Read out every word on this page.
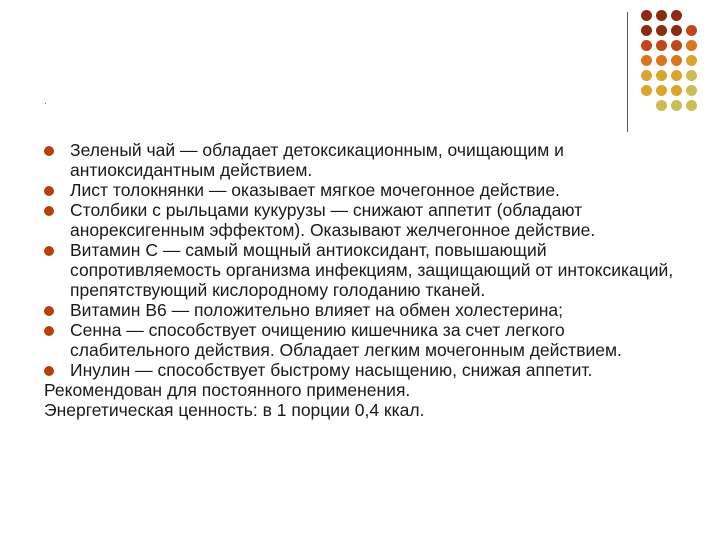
.
Зеленый чай — обладает детоксикационным, очищающим и антиоксидантным действием.
Лист толокнянки — оказывает мягкое мочегонное действие.
Столбики с рыльцами кукурузы — снижают аппетит (обладают анорексигенным эффектом). Оказывают желчегонное действие.
Витамин С — самый мощный антиоксидант, повышающий сопротивляемость организма инфекциям, защищающий от интоксикаций, препятствующий кислородному голоданию тканей.
Витамин В6 — положительно влияет на обмен холестерина;
Сенна — способствует очищению кишечника за счет легкого слабительного действия. Обладает легким мочегонным действием.
Инулин — способствует быстрому насыщению, снижая аппетит.

Рекомендован для постоянного применения.

Энергетическая ценность: в 1 порции 0,4 ккал.
